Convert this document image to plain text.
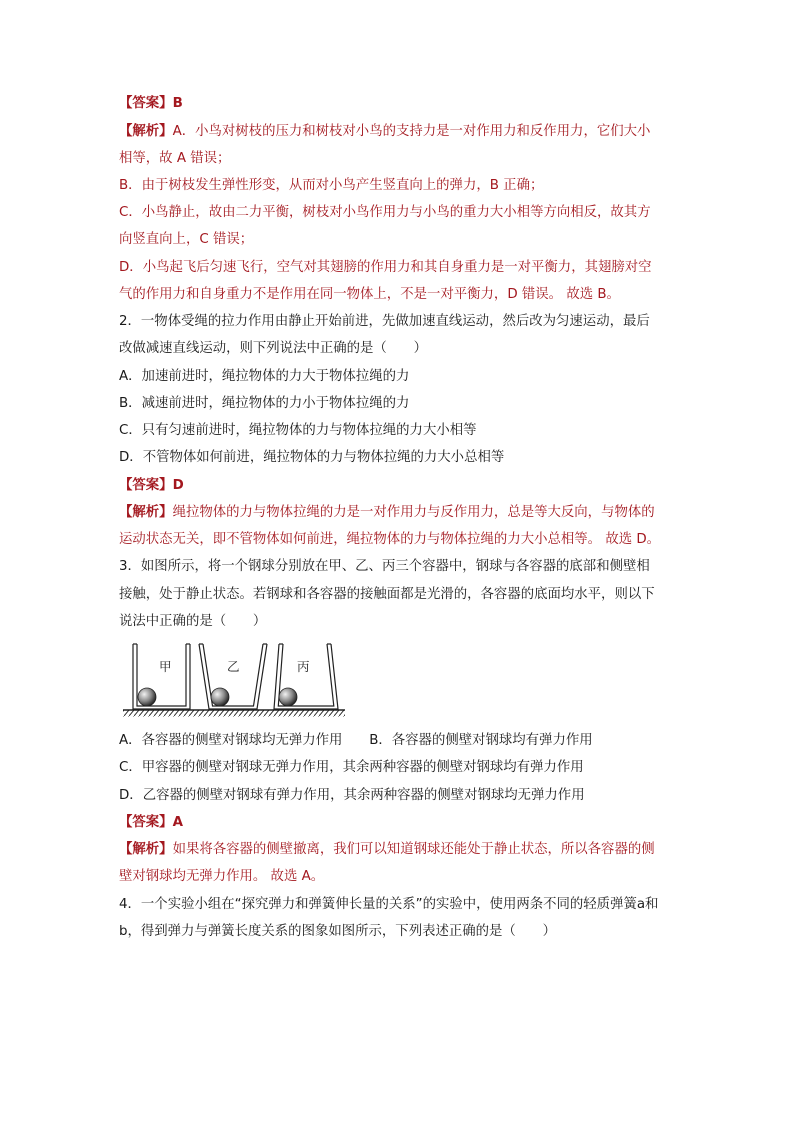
【答案】B
【解析】A．小鸟对树枝的压力和树枝对小鸟的支持力是一对作用力和反作用力，它们大小
相等，故 A 错误；
B．由于树枝发生弹性形变，从而对小鸟产生竖直向上的弹力，B 正确；
C．小鸟静止，故由二力平衡，树枝对小鸟作用力与小鸟的重力大小相等方向相反，故其方
向竖直向上，C 错误；
D．小鸟起飞后匀速飞行，空气对其翅膀的作用力和其自身重力是一对平衡力，其翅膀对空
气的作用力和自身重力不是作用在同一物体上，不是一对平衡力，D 错误。 故选 B。
2．一物体受绳的拉力作用由静止开始前进，先做加速直线运动，然后改为匀速运动，最后
改做减速直线运动，则下列说法中正确的是（　　）
A．加速前进时，绳拉物体的力大于物体拉绳的力
B．减速前进时，绳拉物体的力小于物体拉绳的力
C．只有匀速前进时，绳拉物体的力与物体拉绳的力大小相等
D．不管物体如何前进，绳拉物体的力与物体拉绳的力大小总相等
【答案】D
【解析】绳拉物体的力与物体拉绳的力是一对作用力与反作用力，总是等大反向，与物体的
运动状态无关，即不管物体如何前进，绳拉物体的力与物体拉绳的力大小总相等。 故选 D。
3．如图所示，将一个钢球分别放在甲、乙、丙三个容器中，钢球与各容器的底部和侧壁相
接触，处于静止状态。若钢球和各容器的接触面都是光滑的，各容器的底面均水平，则以下
说法中正确的是（　　）
甲	乙	丙
A．各容器的侧壁对钢球均无弹力作用　　B．各容器的侧壁对钢球均有弹力作用
C．甲容器的侧壁对钢球无弹力作用，其余两种容器的侧壁对钢球均有弹力作用
D．乙容器的侧壁对钢球有弹力作用，其余两种容器的侧壁对钢球均无弹力作用
【答案】A
【解析】如果将各容器的侧壁撤离，我们可以知道钢球还能处于静止状态，所以各容器的侧
壁对钢球均无弹力作用。 故选 A。
4．一个实验小组在“探究弹力和弹簧伸长量的关系”的实验中，使用两条不同的轻质弹簧a和
b，得到弹力与弹簧长度关系的图象如图所示，下列表述正确的是（　　）
